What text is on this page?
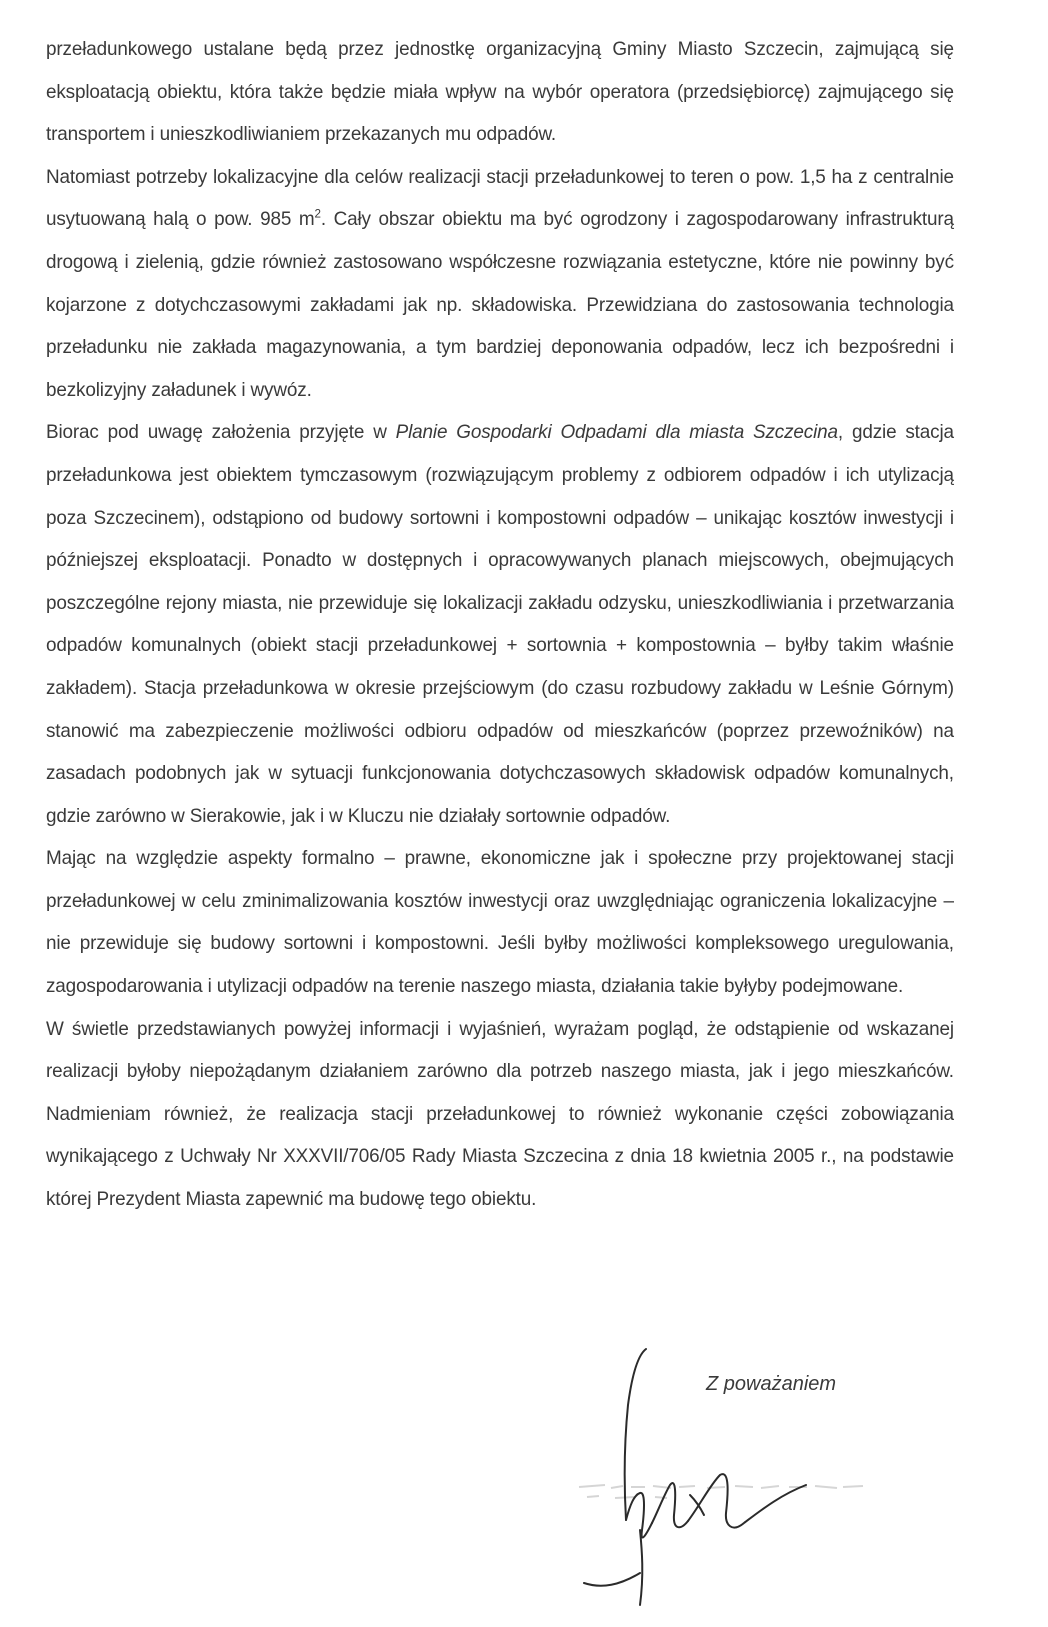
przeładunkowego ustalane będą przez jednostkę organizacyjną Gminy Miasto Szczecin, zajmującą się eksploatacją obiektu, która także będzie miała wpływ na wybór operatora (przedsiębiorcę) zajmującego się transportem i unieszkodliwianiem przekazanych mu odpadów.

Natomiast potrzeby lokalizacyjne dla celów realizacji stacji przeładunkowej to teren o pow. 1,5 ha z centralnie usytuowaną halą o pow. 985 $m^2$. Cały obszar obiektu ma być ogrodzony i zagospodarowany infrastrukturą drogową i zielenią, gdzie również zastosowano współczesne rozwiązania estetyczne, które nie powinny być kojarzone z dotychczasowymi zakładami jak np. składowiska. Przewidziana do zastosowania technologia przeładunku nie zakłada magazynowania, a tym bardziej deponowania odpadów, lecz ich bezpośredni i bezkolizyjny załadunek i wywóz.

Biorac pod uwagę założenia przyjęte w Planie Gospodarki Odpadami dla miasta Szczecina, gdzie stacja przeładunkowa jest obiektem tymczasowym (rozwiązującym problemy z odbiorem odpadów i ich utylizacją poza Szczecinem), odstąpiono od budowy sortowni i kompostowni odpadów – unikając kosztów inwestycji i późniejszej eksploatacji. Ponadto w dostępnych i opracowywanych planach miejscowych, obejmujących poszczególne rejony miasta, nie przewiduje się lokalizacji zakładu odzysku, unieszkodliwiania i przetwarzania odpadów komunalnych (obiekt stacji przeładunkowej + sortownia + kompostownia – byłby takim właśnie zakładem). Stacja przeładunkowa w okresie przejściowym (do czasu rozbudowy zakładu w Leśnie Górnym) stanowić ma zabezpieczenie możliwości odbioru odpadów od mieszkańców (poprzez przewoźników) na zasadach podobnych jak w sytuacji funkcjonowania dotychczasowych składowisk odpadów komunalnych, gdzie zarówno w Sierakowie, jak i w Kluczu nie działały sortownie odpadów.

Mając na względzie aspekty formalno – prawne, ekonomiczne jak i społeczne przy projektowanej stacji przeładunkowej w celu zminimalizowania kosztów inwestycji oraz uwzględniając ograniczenia lokalizacyjne – nie przewiduje się budowy sortowni i kompostowni. Jeśli byłby możliwości kompleksowego uregulowania, zagospodarowania i utylizacji odpadów na terenie naszego miasta, działania takie byłyby podejmowane.

W świetle przedstawianych powyżej informacji i wyjaśnień, wyrażam pogląd, że odstąpienie od wskazanej realizacji byłoby niepożądanym działaniem zarówno dla potrzeb naszego miasta, jak i jego mieszkańców. Nadmieniam również, że realizacja stacji przeładunkowej to również wykonanie części zobowiązania wynikającego z Uchwały Nr XXXVII/706/05 Rady Miasta Szczecina z dnia 18 kwietnia 2005 r., na podstawie której Prezydent Miasta zapewnić ma budowę tego obiektu.

Z poważaniem
